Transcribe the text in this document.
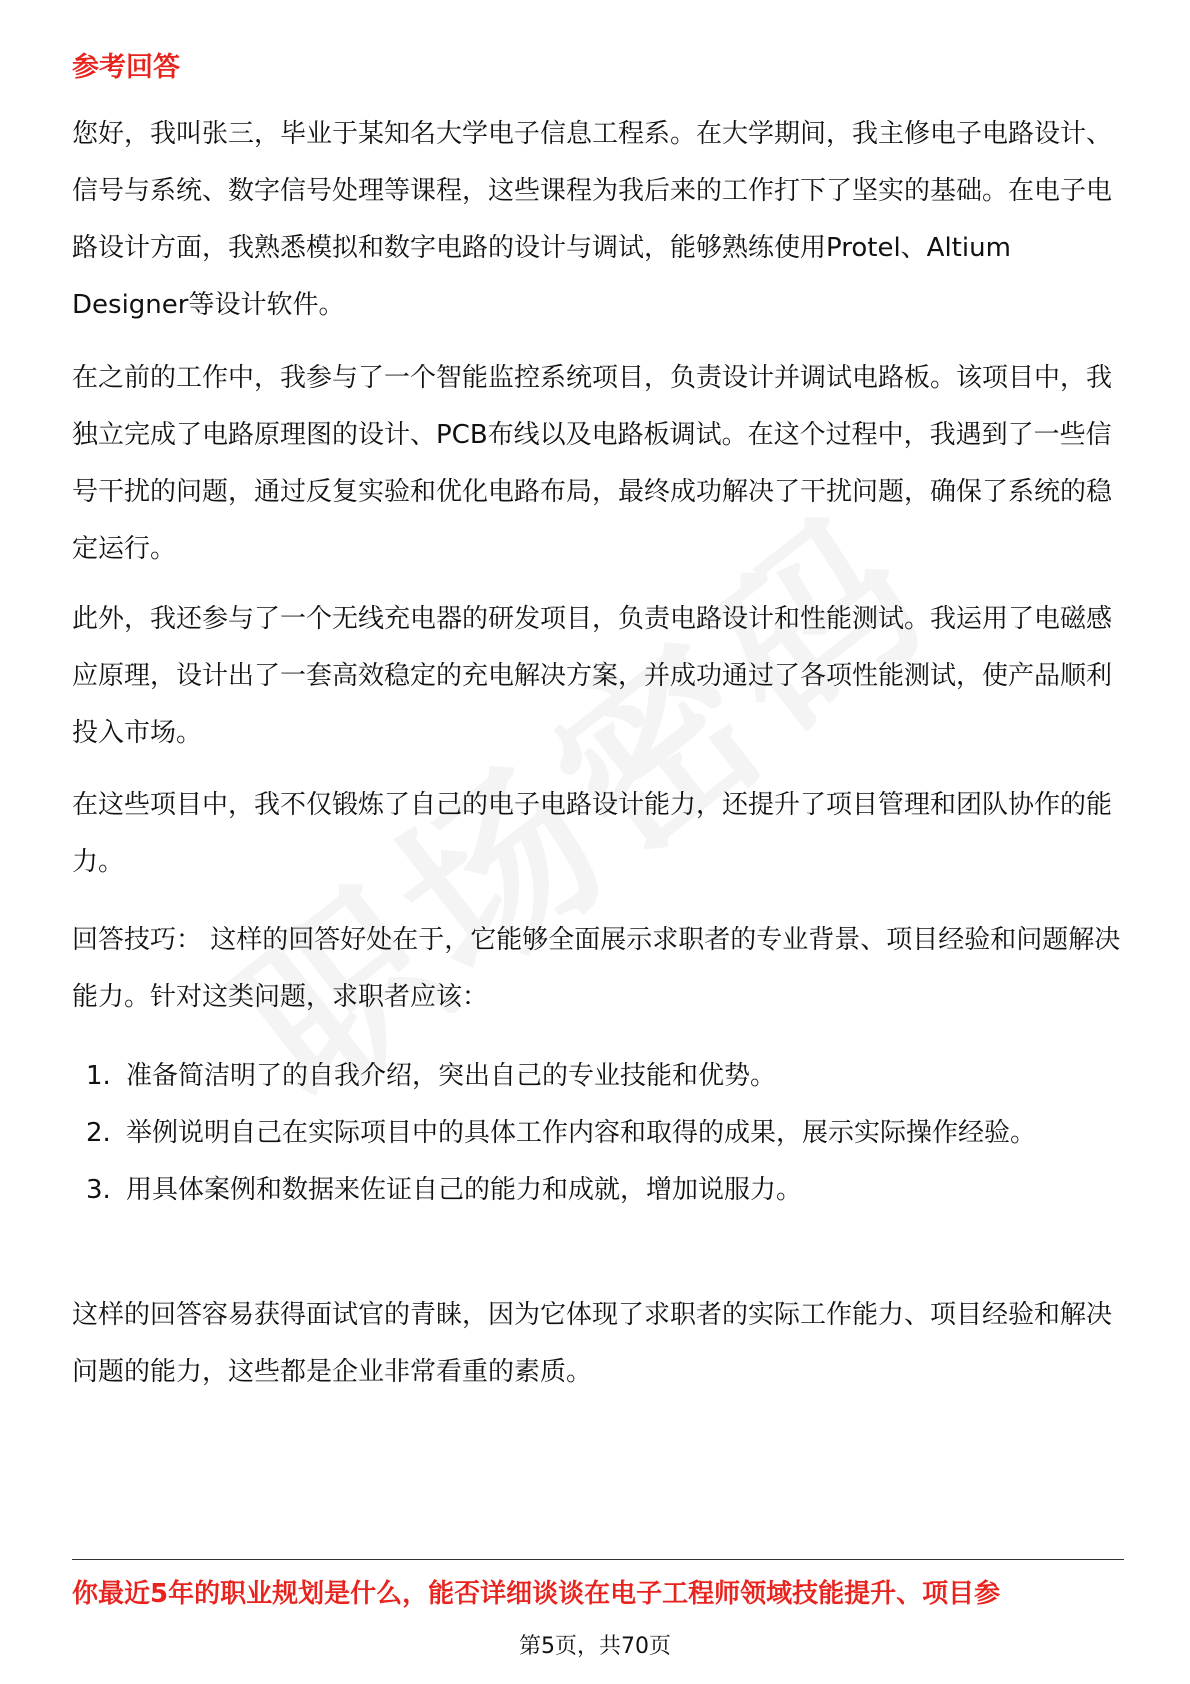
参考回答

您好，我叫张三，毕业于某知名大学电子信息工程系。在大学期间，我主修电子电路设计、信号与系统、数字信号处理等课程，这些课程为我后来的工作打下了坚实的基础。在电子电路设计方面，我熟悉模拟和数字电路的设计与调试，能够熟练使用Protel、Altium Designer等设计软件。

在之前的工作中，我参与了一个智能监控系统项目，负责设计并调试电路板。该项目中，我独立完成了电路原理图的设计、PCB布线以及电路板调试。在这个过程中，我遇到了一些信号干扰的问题，通过反复实验和优化电路布局，最终成功解决了干扰问题，确保了系统的稳定运行。

此外，我还参与了一个无线充电器的研发项目，负责电路设计和性能测试。我运用了电磁感应原理，设计出了一套高效稳定的充电解决方案，并成功通过了各项性能测试，使产品顺利投入市场。

在这些项目中，我不仅锻炼了自己的电子电路设计能力，还提升了项目管理和团队协作的能力。

回答技巧： 这样的回答好处在于，它能够全面展示求职者的专业背景、项目经验和问题解决能力。针对这类问题，求职者应该：

1. 准备简洁明了的自我介绍，突出自己的专业技能和优势。
2. 举例说明自己在实际项目中的具体工作内容和取得的成果，展示实际操作经验。
3. 用具体案例和数据来佐证自己的能力和成就，增加说服力。

这样的回答容易获得面试官的青睐，因为它体现了求职者的实际工作能力、项目经验和解决问题的能力，这些都是企业非常看重的素质。

你最近5年的职业规划是什么，能否详细谈谈在电子工程师领域技能提升、项目参
第5页，共70页
